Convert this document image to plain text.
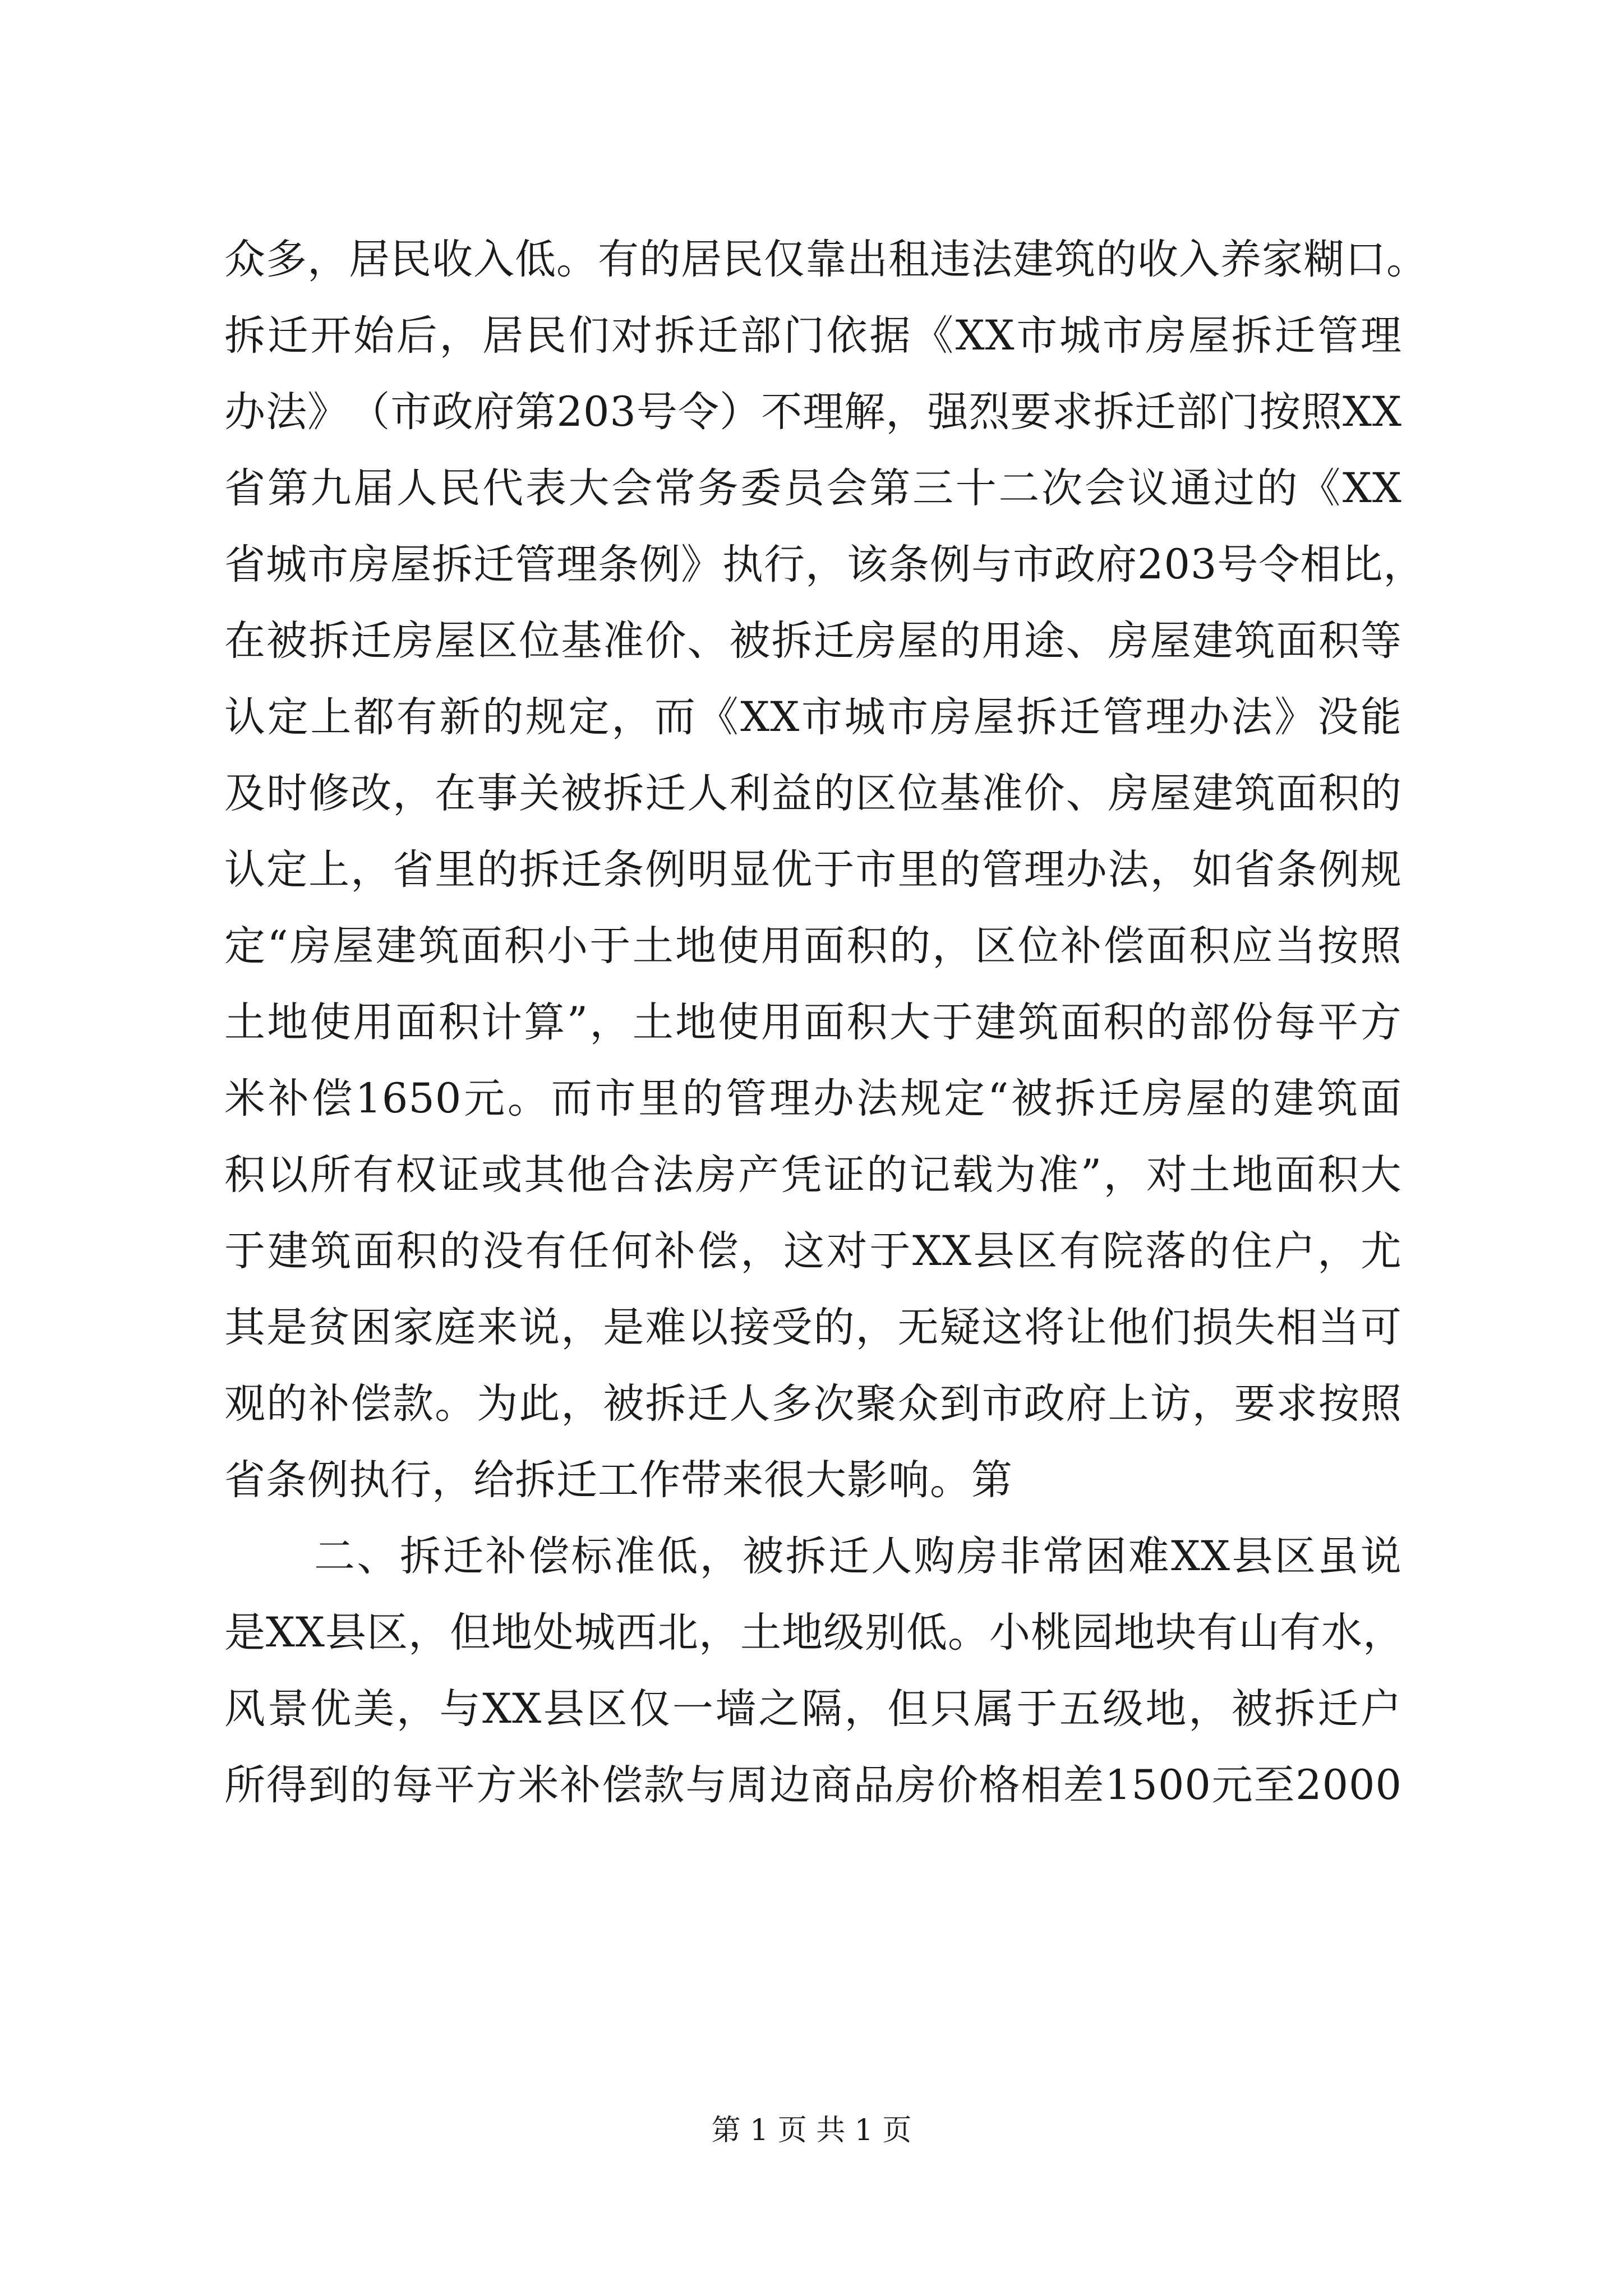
众 多 ， 居 民 收 入 低 。 有 的 居 民 仅 靠 出 租 违 法 建 筑 的 收 入 养 家 糊 口 。
拆 迁 开 始 后 ， 居 民 们 对 拆 迁 部 门 依 据 《 XX 市 城 市 房 屋 拆 迁 管 理
办 法 》 （ 市 政 府 第 203 号 令 ） 不 理 解 ， 强 烈 要 求 拆 迁 部 门 按 照 XX
省 第 九 届 人 民 代 表 大 会 常 务 委 员 会 第 三 十 二 次 会 议 通 过 的 《 XX
省 城 市 房 屋 拆 迁 管 理 条 例 》 执 行 ， 该 条 例 与 市 政 府 203 号 令 相 比 ，
在 被 拆 迁 房 屋 区 位 基 准 价 、 被 拆 迁 房 屋 的 用 途 、 房 屋 建 筑 面 积 等
认 定 上 都 有 新 的 规 定 ， 而 《 XX 市 城 市 房 屋 拆 迁 管 理 办 法 》 没 能
及 时 修 改 ， 在 事 关 被 拆 迁 人 利 益 的 区 位 基 准 价 、 房 屋 建 筑 面 积 的
认 定 上 ， 省 里 的 拆 迁 条 例 明 显 优 于 市 里 的 管 理 办 法 ， 如 省 条 例 规
定 “ 房 屋 建 筑 面 积 小 于 土 地 使 用 面 积 的 ， 区 位 补 偿 面 积 应 当 按 照
土 地 使 用 面 积 计 算 ” ， 土 地 使 用 面 积 大 于 建 筑 面 积 的 部 份 每 平 方
米 补 偿 1650 元 。 而 市 里 的 管 理 办 法 规 定 “ 被 拆 迁 房 屋 的 建 筑 面
积 以 所 有 权 证 或 其 他 合 法 房 产 凭 证 的 记 载 为 准 ” ， 对 土 地 面 积 大
于 建 筑 面 积 的 没 有 任 何 补 偿 ， 这 对 于 XX 县 区 有 院 落 的 住 户 ， 尤
其 是 贫 困 家 庭 来 说 ， 是 难 以 接 受 的 ， 无 疑 这 将 让 他 们 损 失 相 当 可
观 的 补 偿 款 。 为 此 ， 被 拆 迁 人 多 次 聚 众 到 市 政 府 上 访 ， 要 求 按 照
省条例执行，给拆迁工作带来很大影响。第
二 、 拆 迁 补 偿 标 准 低 ， 被 拆 迁 人 购 房 非 常 困 难 XX 县 区 虽 说
是 XX 县 区 ， 但 地 处 城 西 北 ， 土 地 级 别 低 。 小 桃 园 地 块 有 山 有 水 ，
风 景 优 美 ， 与 XX 县 区 仅 一 墙 之 隔 ， 但 只 属 于 五 级 地 ， 被 拆 迁 户
所 得 到 的 每 平 方 米 补 偿 款 与 周 边 商 品 房 价 格 相 差 1500 元 至 2000
第 1 页 共 1 页
